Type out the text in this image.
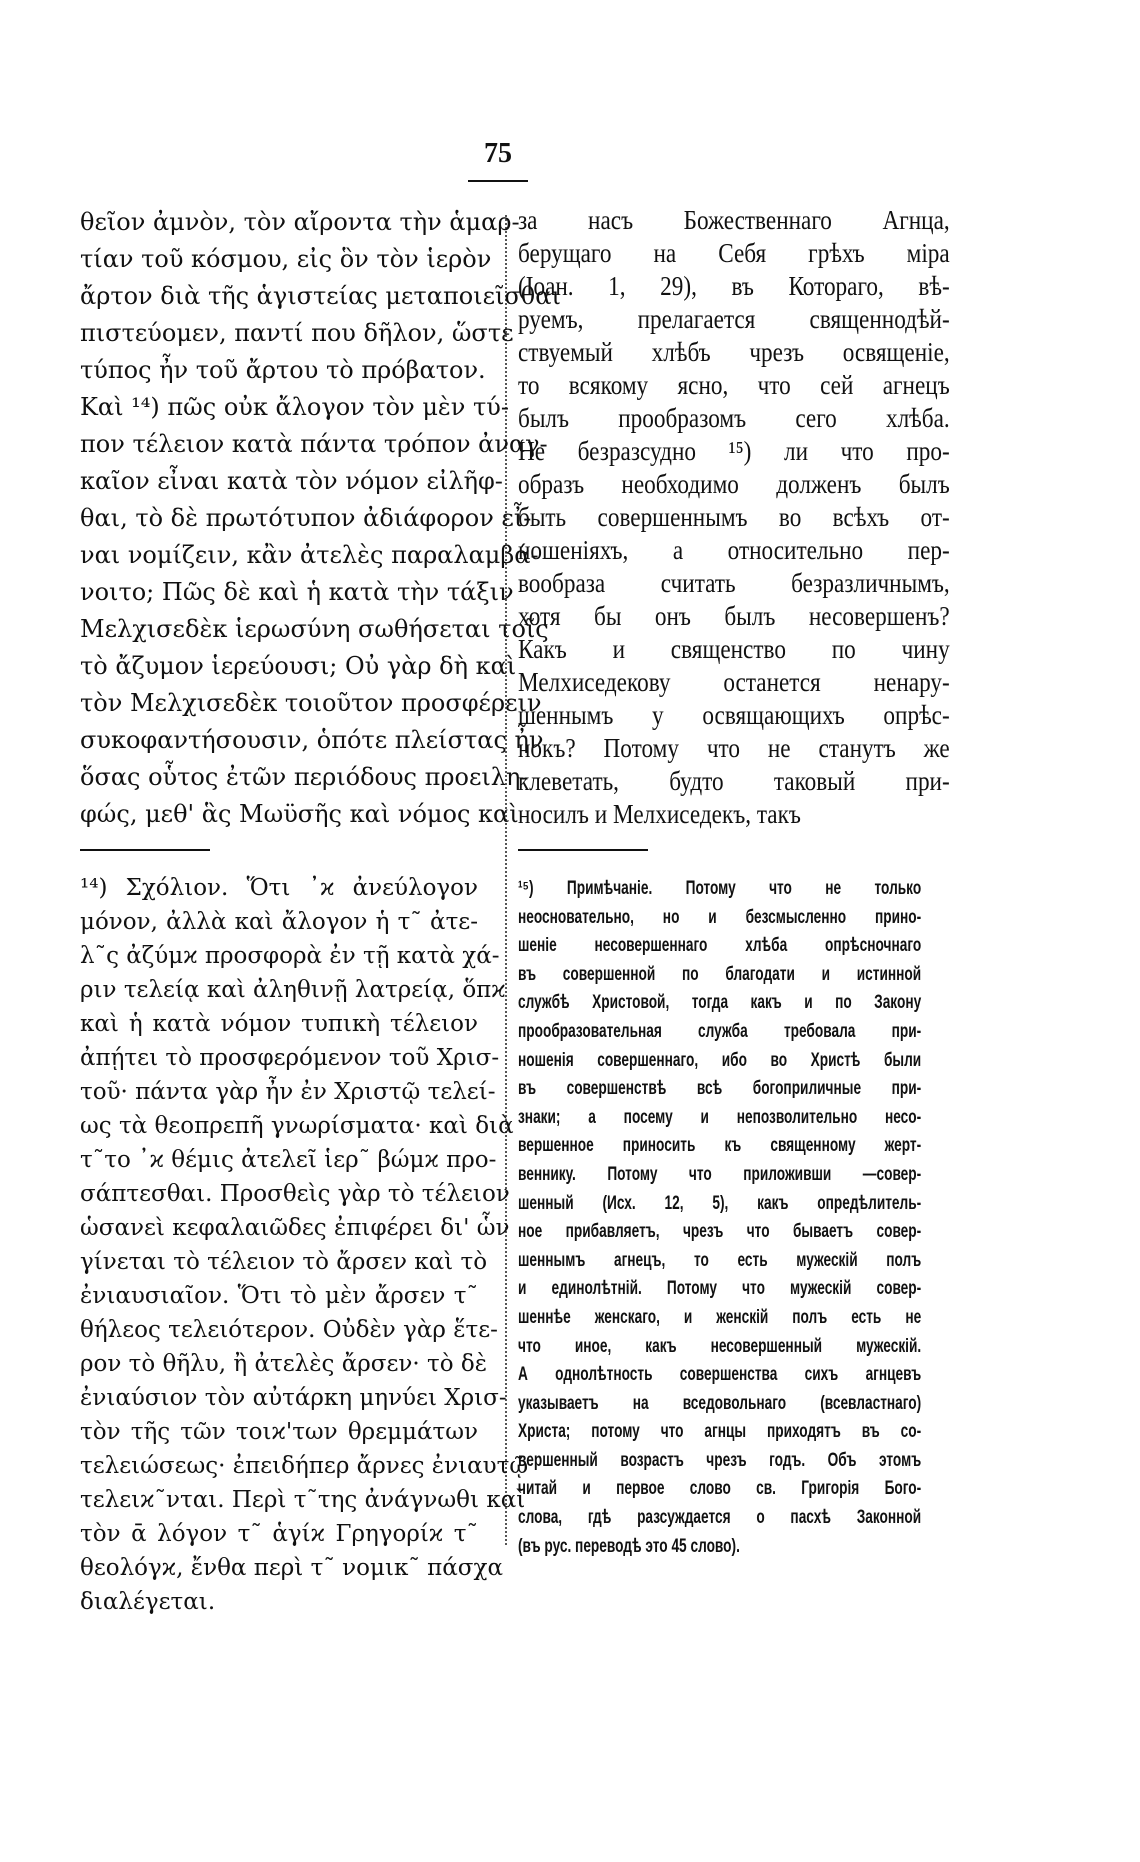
75
θεῖον ἀμνὸν, τὸν αἴροντα τὴν ἁμαρ-
τίαν τοῦ κόσμου, εἰς ὃν τὸν ἱερὸν
ἄρτον διὰ τῆς ἁγιστείας μεταποιεῖσθαι
πιστεύομεν, παντί που δῆλον, ὥστε
τύπος ἦν τοῦ ἄρτου τὸ πρόβατον.
Καὶ ¹⁴) πῶς οὐκ ἄλογον τὸν μὲν τύ-
πον τέλειον κατὰ πάντα τρόπον ἀναγ-
καῖον εἶναι κατὰ τὸν νόμον εἰλῆφ-
θαι, τὸ δὲ πρωτότυπον ἀδιάφορον εἶ-
ναι νομίζειν, κἂν ἀτελὲς παραλαμβά-
νοιτο; Πῶς δὲ καὶ ἡ κατὰ τὴν τάξιν
Μελχισεδὲκ ἱερωσύνη σωθήσεται τοῖς
τὸ ἄζυμον ἱερεύουσι; Οὐ γὰρ δὴ καὶ
τὸν Μελχισεδὲκ τοιοῦτον προσφέρειν
συκοφαντήσουσιν, ὁπότε πλείστας ἦν
ὅσας οὗτος ἐτῶν περιόδους προειλη-
φώς, μεθ' ἃς Μωϋσῆς καὶ νόμος καὶ
¹⁴) Σχόλιον. Ὅτι ᾽ϰ ἀνεύλογον
μόνον, ἀλλὰ καὶ ἄλογον ἡ τ῀ ἀτε-
λ῀ς ἀζύμϰ προσφορὰ ἐν τῇ κατὰ χά-
ριν τελείᾳ καὶ ἀληθινῇ λατρείᾳ, ὅπϰ
καὶ ἡ κατὰ νόμον τυπικὴ τέλειον
ἀπῄτει τὸ προσφερόμενον τοῦ Χρισ-
τοῦ· πάντα γὰρ ἦν ἐν Χριστῷ τελεί-
ως τὰ θεοπρεπῆ γνωρίσματα· καὶ διὰ
τ῀το ᾽ϰ θέμις ἀτελεῖ ἱερ῀ βώμϰ προ-
σάπτεσθαι. Προσθεὶς γὰρ τὸ τέλειον
ὡσανεὶ κεφαλαιῶδες ἐπιφέρει δι' ὧν
γίνεται τὸ τέλειον τὸ ἄρσεν καὶ τὸ
ἐνιαυσιαῖον. Ὅτι τὸ μὲν ἄρσεν τ῀
θήλεος τελειότερον. Οὐδὲν γὰρ ἕτε-
ρον τὸ θῆλυ, ἢ ἀτελὲς ἄρσεν· τὸ δὲ
ἐνιαύσιον τὸν αὐτάρκη μηνύει Χρισ-
τὸν τῆς τῶν τοιϰ'των θρεμμάτων
τελειώσεως· ἐπειδήπερ ἄρνες ἐνιαυτῷ
τελειϰ῀νται. Περὶ τ῀της ἀνάγνωθι καὶ
τὸν ᾱ λόγον τ῀ ἁγίϰ Γρηγορίϰ τ῀
θεολόγϰ, ἔνθα περὶ τ῀ νομικ῀ πάσχα
διαλέγεται.
за насъ Божественнаго Агнца,
берущаго на Себя грѣхъ міра
(Іоан. 1, 29), въ Котораго, вѣ-
руемъ, прелагается священнодѣй-
ствуемый хлѣбъ чрезъ освященіе,
то всякому ясно, что сей агнецъ
былъ прообразомъ сего хлѣба.
Не безразсудно ¹⁵) ли что про-
образъ необходимо долженъ былъ
быть совершеннымъ во всѣхъ от-
ношеніяхъ, а относительно пер-
вообраза считать безразличнымъ,
хотя бы онъ былъ несовершенъ?
Какъ и священство по чину
Мелхиседекову останется ненару-
шеннымъ у освящающихъ опрѣс-
нокъ? Потому что не станутъ же
клеветать, будто таковый при-
носилъ и Мелхиседекъ, такъ
¹⁵) Примѣчаніе. Потому что не только
неосновательно, но и безсмысленно прино-
шеніе несовершеннаго хлѣба опрѣсночнаго
въ совершенной по благодати и истинной
службѣ Христовой, тогда какъ и по Закону
прообразовательная служба требовала при-
ношенія совершеннаго, ибо во Христѣ были
въ совершенствѣ всѣ богоприличные при-
знаки; а посему и непозволительно несо-
вершенное приносить къ священному жерт-
веннику. Потому что приложивши —совер-
шенный (Исх. 12, 5), какъ опредѣлитель-
ное прибавляетъ, чрезъ что бываетъ совер-
шеннымъ агнецъ, то есть мужескій полъ
и единолѣтній. Потому что мужескій совер-
шеннѣе женскаго, и женскій полъ есть не
что иное, какъ несовершенный мужескій.
А однолѣтность совершенства сихъ агнцевъ
указываетъ на вседовольнаго (всевластнаго)
Христа; потому что агнцы приходятъ въ со-
вершенный возрастъ чрезъ годъ. Объ этомъ
читай и первое слово св. Григорія Бого-
слова, гдѣ разсуждается о пасхѣ Законной
(въ рус. переводѣ это 45 слово).
